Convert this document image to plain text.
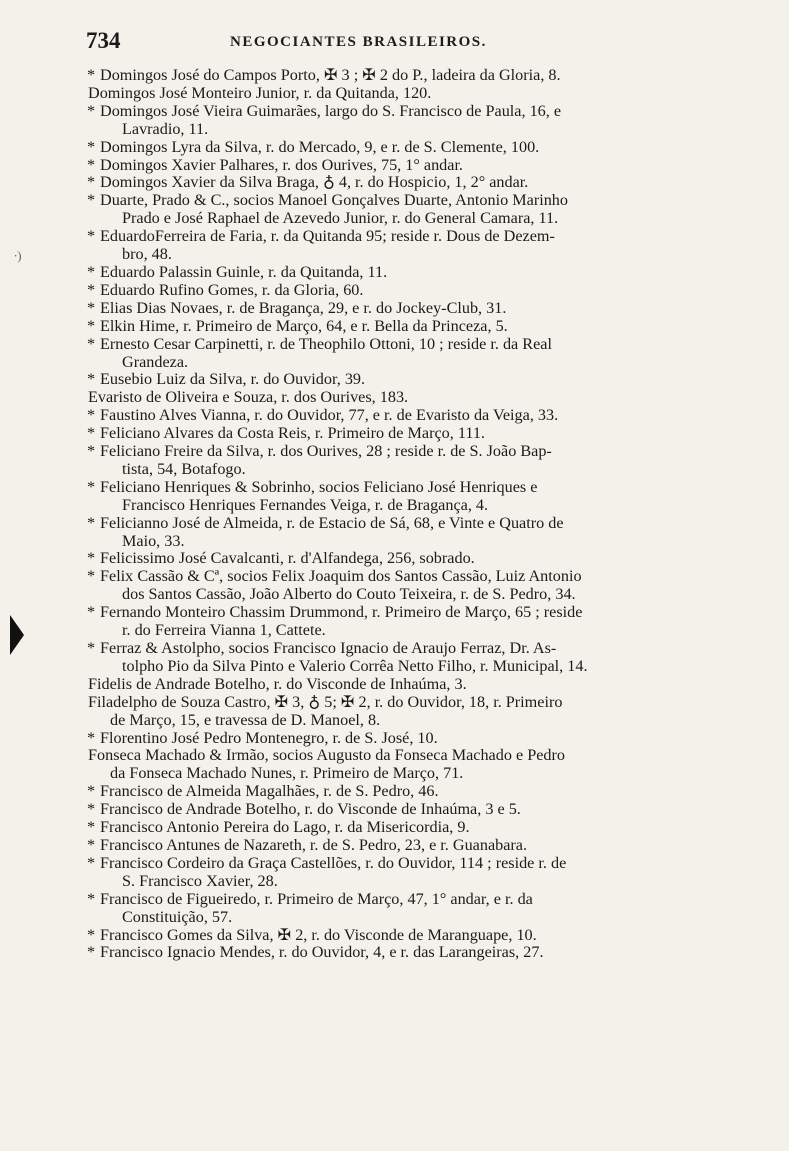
734	NEGOCIANTES BRASILEIROS.
∙)
* Domingos José do Campos Porto, ✠ 3 ; ✠ 2 do P., ladeira da Gloria, 8.
Domingos José Monteiro Junior, r. da Quitanda, 120.
* Domingos José Vieira Guimarães, largo do S. Francisco de Paula, 16, e
Lavradio, 11.
* Domingos Lyra da Silva, r. do Mercado, 9, e r. de S. Clemente, 100.
* Domingos Xavier Palhares, r. dos Ourives, 75, 1° andar.
* Domingos Xavier da Silva Braga, ♁ 4, r. do Hospicio, 1, 2° andar.
* Duarte, Prado & C., socios Manoel Gonçalves Duarte, Antonio Marinho
Prado e José Raphael de Azevedo Junior, r. do General Camara, 11.
* EduardoFerreira de Faria, r. da Quitanda 95; reside r. Dous de Dezem-
bro, 48.
* Eduardo Palassin Guinle, r. da Quitanda, 11.
* Eduardo Rufino Gomes, r. da Gloria, 60.
* Elias Dias Novaes, r. de Bragança, 29, e r. do Jockey-Club, 31.
* Elkin Hime, r. Primeiro de Março, 64, e r. Bella da Princeza, 5.
* Ernesto Cesar Carpinetti, r. de Theophilo Ottoni, 10 ; reside r. da Real
Grandeza.
* Eusebio Luiz da Silva, r. do Ouvidor, 39.
Evaristo de Oliveira e Souza, r. dos Ourives, 183.
* Faustino Alves Vianna, r. do Ouvidor, 77, e r. de Evaristo da Veiga, 33.
* Feliciano Alvares da Costa Reis, r. Primeiro de Março, 111.
* Feliciano Freire da Silva, r. dos Ourives, 28 ; reside r. de S. João Bap-
tista, 54, Botafogo.
* Feliciano Henriques & Sobrinho, socios Feliciano José Henriques e
Francisco Henriques Fernandes Veiga, r. de Bragança, 4.
* Felicianno José de Almeida, r. de Estacio de Sá, 68, e Vinte e Quatro de
Maio, 33.
* Felicissimo José Cavalcanti, r. d'Alfandega, 256, sobrado.
* Felix Cassão & Cª, socios Felix Joaquim dos Santos Cassão, Luiz Antonio
dos Santos Cassão, João Alberto do Couto Teixeira, r. de S. Pedro, 34.
* Fernando Monteiro Chassim Drummond, r. Primeiro de Março, 65 ; reside
r. do Ferreira Vianna 1, Cattete.
* Ferraz & Astolpho, socios Francisco Ignacio de Araujo Ferraz, Dr. As-
tolpho Pio da Silva Pinto e Valerio Corrêa Netto Filho, r. Municipal, 14.
Fidelis de Andrade Botelho, r. do Visconde de Inhaúma, 3.
Filadelpho de Souza Castro, ✠ 3, ♁ 5; ✠ 2, r. do Ouvidor, 18, r. Primeiro
de Março, 15, e travessa de D. Manoel, 8.
* Florentino José Pedro Montenegro, r. de S. José, 10.
Fonseca Machado & Irmão, socios Augusto da Fonseca Machado e Pedro
da Fonseca Machado Nunes, r. Primeiro de Março, 71.
* Francisco de Almeida Magalhães, r. de S. Pedro, 46.
* Francisco de Andrade Botelho, r. do Visconde de Inhaúma, 3 e 5.
* Francisco Antonio Pereira do Lago, r. da Misericordia, 9.
* Francisco Antunes de Nazareth, r. de S. Pedro, 23, e r. Guanabara.
* Francisco Cordeiro da Graça Castellões, r. do Ouvidor, 114 ; reside r. de
S. Francisco Xavier, 28.
* Francisco de Figueiredo, r. Primeiro de Março, 47, 1° andar, e r. da
Constituição, 57.
* Francisco Gomes da Silva, ✠ 2, r. do Visconde de Maranguape, 10.
* Francisco Ignacio Mendes, r. do Ouvidor, 4, e r. das Larangeiras, 27.
